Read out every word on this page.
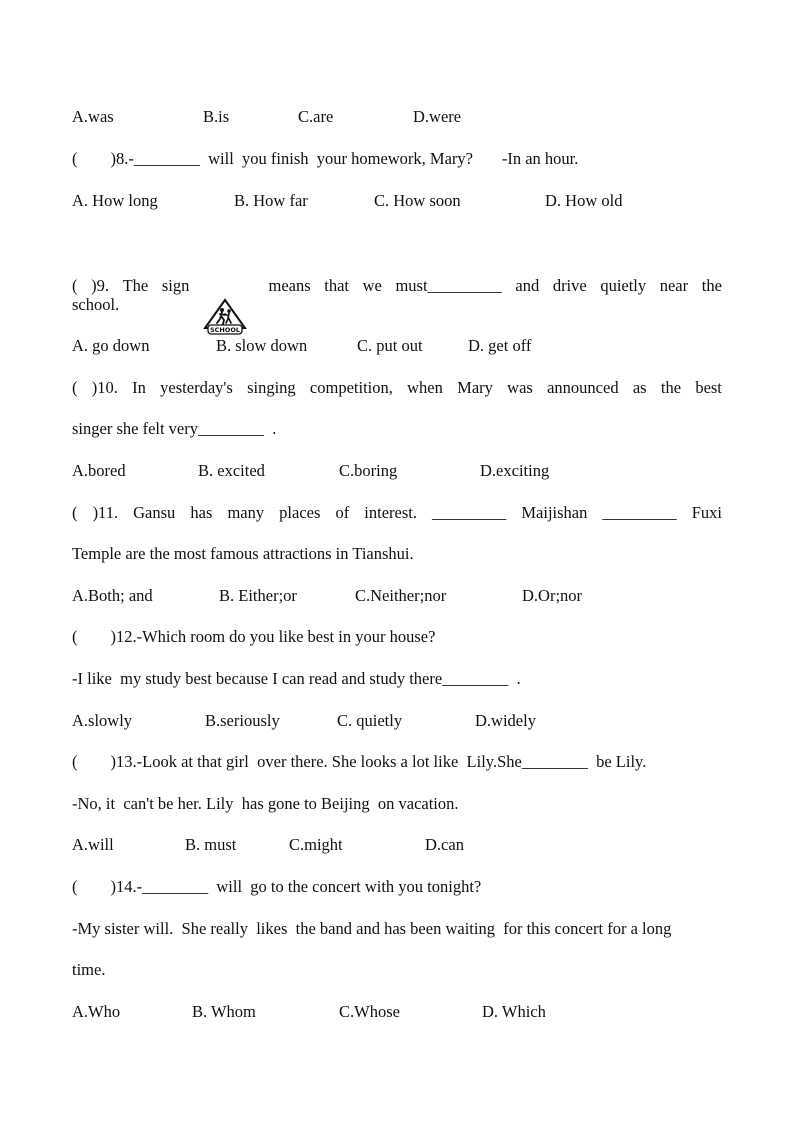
A.was	B.is	C.are	D.were
(        )8.-________  will  you finish  your homework, Mary?       -In an hour.
A. How long	B. How far	C. How soon	D. How old
( )9. The sign

SCHOOL

means that we must_________ and drive quietly near the
school.
A. go down	B. slow down	C. put out	D. get off
( )10. In yesterday's singing competition, when Mary was announced as the best
singer she felt very________  .
A.bored	B. excited	C.boring	D.exciting
( )11. Gansu has many places of interest. _________ Maijishan _________ Fuxi
Temple are the most famous attractions in Tianshui.
A.Both; and	B. Either;or	C.Neither;nor	D.Or;nor
(        )12.-Which room do you like best in your house?
-I like  my study best because I can read and study there________  .
A.slowly	B.seriously	C. quietly	D.widely
(        )13.-Look at that girl  over there. She looks a lot like  Lily.She________  be Lily.
-No, it  can't be her. Lily  has gone to Beijing  on vacation.
A.will	B. must	C.might	D.can
(        )14.-________  will  go to the concert with you tonight?
-My sister will.  She really  likes  the band and has been waiting  for this concert for a long
time.
A.Who	B. Whom	C.Whose	D. Which
